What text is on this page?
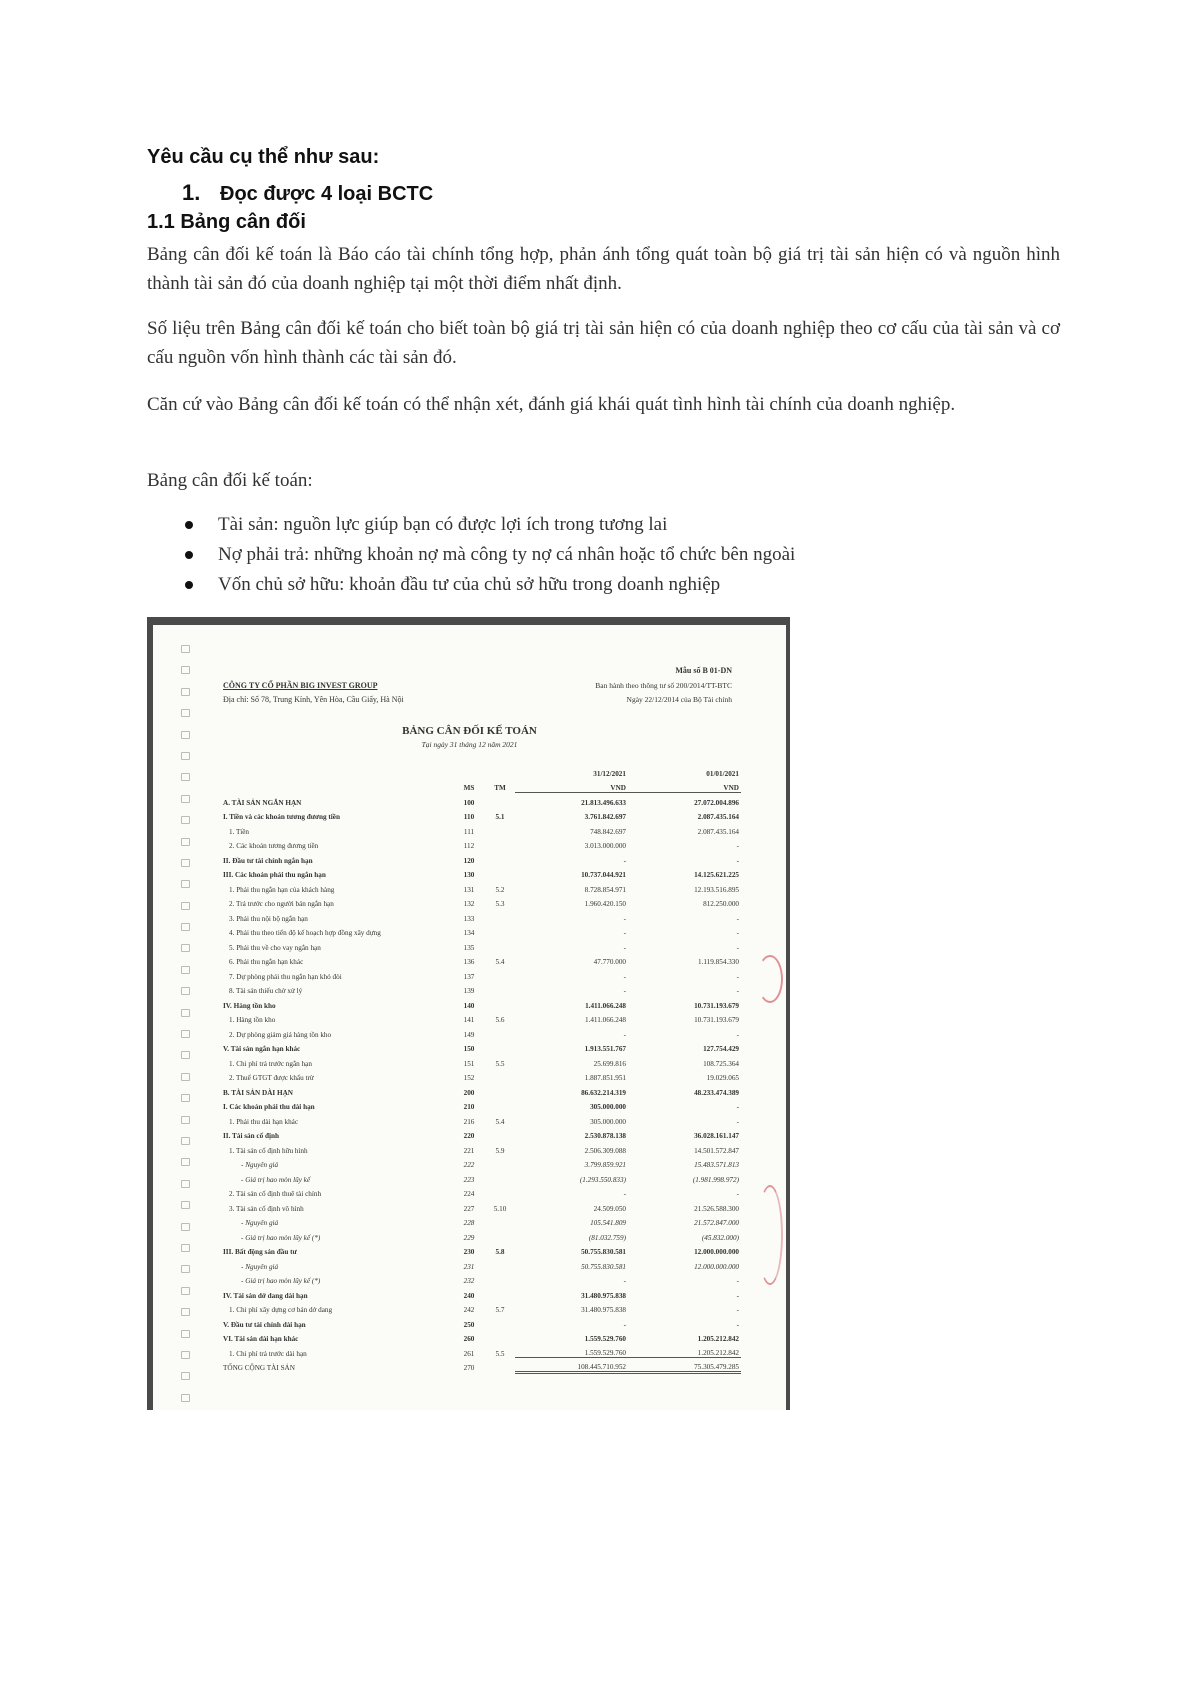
Yêu cầu cụ thể như sau:
1. Đọc được 4 loại BCTC
1.1 Bảng cân đối

Bảng cân đối kế toán là Báo cáo tài chính tổng hợp, phản ánh tổng quát toàn bộ giá trị tài sản hiện có và nguồn hình thành tài sản đó của doanh nghiệp tại một thời điểm nhất định.

Số liệu trên Bảng cân đối kế toán cho biết toàn bộ giá trị tài sản hiện có của doanh nghiệp theo cơ cấu của tài sản và cơ cấu nguồn vốn hình thành các tài sản đó.

Căn cứ vào Bảng cân đối kế toán có thể nhận xét, đánh giá khái quát tình hình tài chính của doanh nghiệp.

Bảng cân đối kế toán:

Tài sản: nguồn lực giúp bạn có được lợi ích trong tương lai
Nợ phải trả: những khoản nợ mà công ty nợ cá nhân hoặc tổ chức bên ngoài
Vốn chủ sở hữu: khoản đầu tư của chủ sở hữu trong doanh nghiệp
Mẫu số B 01-DN
CÔNG TY CỔ PHẦN BIG INVEST GROUP	Ban hành theo thông tư số 200/2014/TT-BTC
Địa chỉ: Số 78, Trung Kính, Yên Hòa, Cầu Giấy, Hà Nội	Ngày 22/12/2014 của Bộ Tài chính
BẢNG CÂN ĐỐI KẾ TOÁN
Tại ngày 31 tháng 12 năm 2021
			31/12/2021	01/01/2021
	MS	TM	VND	VND
A. TÀI SẢN NGẮN HẠN	100		21.813.496.633	27.072.004.896
I. Tiền và các khoản tương đương tiền	110	5.1	3.761.842.697	2.087.435.164
1. Tiền	111		748.842.697	2.087.435.164
2. Các khoản tương đương tiền	112		3.013.000.000	-
II. Đầu tư tài chính ngắn hạn	120		-	-
III. Các khoản phải thu ngắn hạn	130		10.737.044.921	14.125.621.225
1. Phải thu ngắn hạn của khách hàng	131	5.2	8.728.854.971	12.193.516.895
2. Trả trước cho người bán ngắn hạn	132	5.3	1.960.420.150	812.250.000
3. Phải thu nội bộ ngắn hạn	133		-	-
4. Phải thu theo tiến độ kế hoạch hợp đồng xây dựng	134		-	-
5. Phải thu về cho vay ngắn hạn	135		-	-
6. Phải thu ngắn hạn khác	136	5.4	47.770.000	1.119.854.330
7. Dự phòng phải thu ngắn hạn khó đòi	137		-	-
8. Tài sản thiếu chờ xử lý	139		-	-
IV. Hàng tồn kho	140		1.411.066.248	10.731.193.679
1. Hàng tồn kho	141	5.6	1.411.066.248	10.731.193.679
2. Dự phòng giảm giá hàng tồn kho	149		-	-
V. Tài sản ngắn hạn khác	150		1.913.551.767	127.754.429
1. Chi phí trả trước ngắn hạn	151	5.5	25.699.816	108.725.364
2. Thuế GTGT được khấu trừ	152		1.887.851.951	19.029.065
B. TÀI SẢN DÀI HẠN	200		86.632.214.319	48.233.474.389
I. Các khoản phải thu dài hạn	210		305.000.000	-
1. Phải thu dài hạn khác	216	5.4	305.000.000	-
II. Tài sản cố định	220		2.530.878.138	36.028.161.147
1. Tài sản cố định hữu hình	221	5.9	2.506.309.088	14.501.572.847
- Nguyên giá	222		3.799.859.921	15.483.571.813
- Giá trị hao mòn lũy kế	223		(1.293.550.833)	(1.981.998.972)
2. Tài sản cố định thuê tài chính	224		-	-
3. Tài sản cố định vô hình	227	5.10	24.509.050	21.526.588.300
- Nguyên giá	228		105.541.809	21.572.847.000
- Giá trị hao mòn lũy kế (*)	229		(81.032.759)	(45.832.000)
III. Bất động sản đầu tư	230	5.8	50.755.830.581	12.000.000.000
- Nguyên giá	231		50.755.830.581	12.000.000.000
- Giá trị hao mòn lũy kế (*)	232		-	-
IV. Tài sản dở dang dài hạn	240		31.480.975.838	-
1. Chi phí xây dựng cơ bản dở dang	242	5.7	31.480.975.838	-
V. Đầu tư tài chính dài hạn	250		-	-
VI. Tài sản dài hạn khác	260		1.559.529.760	1.205.212.842
1. Chi phí trả trước dài hạn	261	5.5	1.559.529.760	1.205.212.842
TỔNG CỘNG TÀI SẢN	270		108.445.710.952	75.305.479.285
